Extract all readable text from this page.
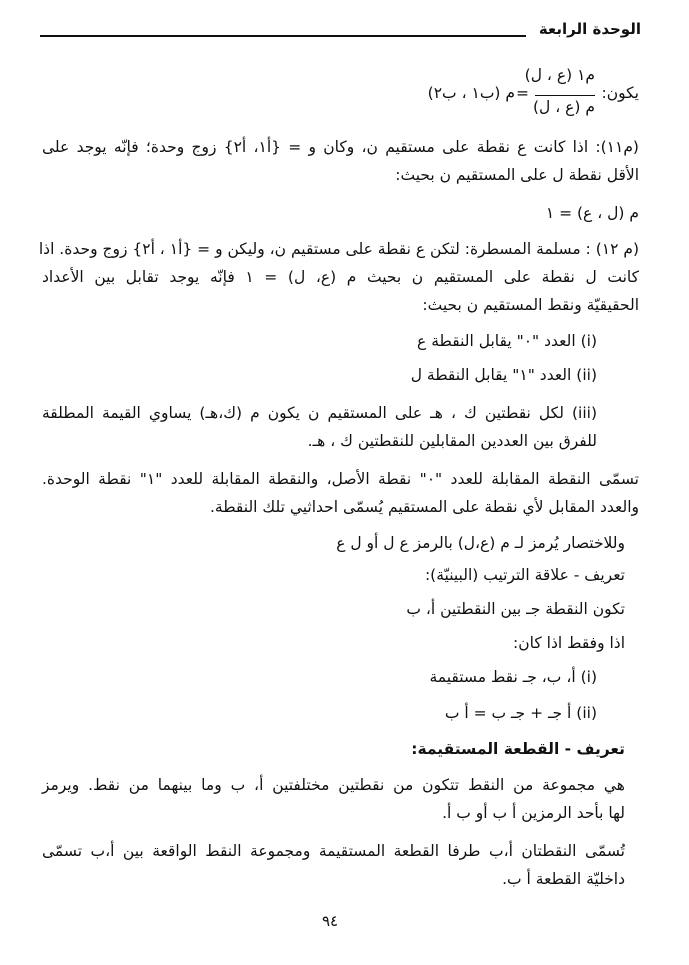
الوحدة الرابعة
يكون:
م١ (ع ، ل)
م (ع ، ل)
=
م (ب١ ، ب٢)
(م١١): اذا كانت ع نقطة على مستقيم ن، وكان و = {أ١، أ٢} زوج وحدة؛ فإنّه يوجد على
الأقل نقطة ل على المستقيم ن بحيث:
م (ل ، ع) = ١
(م ١٢) : مسلمة المسطرة: لتكن ع نقطة على مستقيم ن، وليكن و = {أ١ ، أ٢} زوج وحدة. اذا
كانت ل نقطة على المستقيم ن بحيث م (ع، ل) = ١ فإنّه يوجد تقابل بين الأعداد
الحقيقيّة ونقط المستقيم ن بحيث:
(i) العدد "٠" يقابل النقطة ع
(ii) العدد "١" يقابل النقطة ل
(iii) لكل نقطتين ك ، هـ على المستقيم ن يكون م (ك،هـ) يساوي القيمة المطلقة
للفرق بين العددين المقابلين للنقطتين ك ، هـ.
تسمّى النقطة المقابلة للعدد "٠" نقطة الأصل، والنقطة المقابلة للعدد "١" نقطة الوحدة.
والعدد المقابل لأي نقطة على المستقيم يُسمّى احداثيي تلك النقطة.
وللاختصار يُرمز لـ م (ع،ل) بالرمز ع ل أو ل ع
تعريف - علاقة الترتيب (البينيّة):
تكون النقطة جـ بين النقطتين أ، ب
اذا وفقط اذا كان:
(i) أ، ب، جـ نقط مستقيمة
(ii) أ جـ + جـ ب = أ ب
تعريف - القطعة المستقيمة:
هي مجموعة من النقط تتكون من نقطتين مختلفتين أ، ب وما بينهما من نقط. ويرمز
لها بأحد الرمزين أ ب أو ب أ.
تُسمّى النقطتان أ،ب طرفا القطعة المستقيمة ومجموعة النقط الواقعة بين أ،ب تسمّى
داخليّة القطعة أ ب.
٩٤
